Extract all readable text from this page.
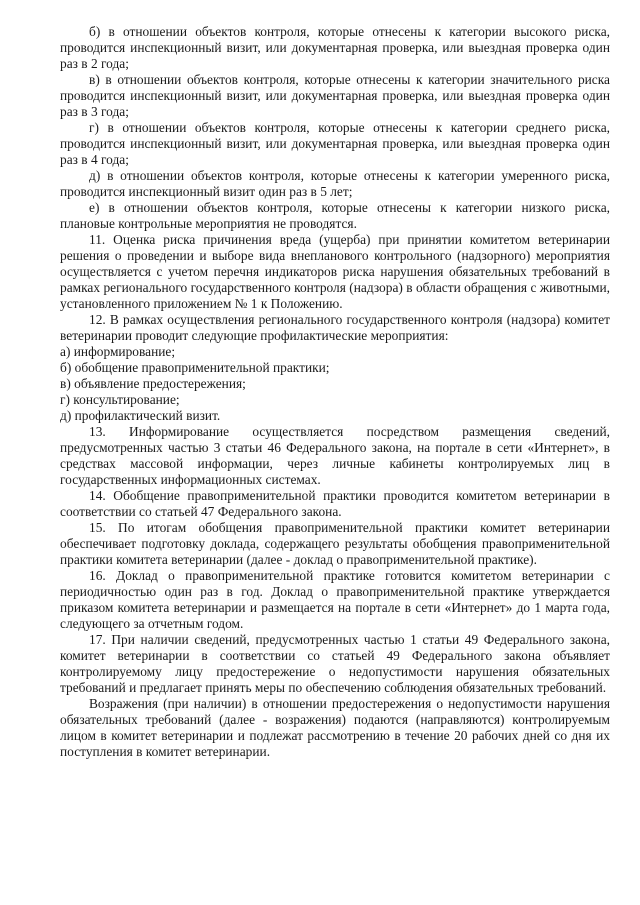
б) в отношении объектов контроля, которые отнесены к категории высокого риска, проводится инспекционный визит, или документарная проверка, или выездная проверка один раз в 2 года;

в) в отношении объектов контроля, которые отнесены к категории значительного риска проводится инспекционный визит, или документарная проверка, или выездная проверка один раз в 3 года;

г) в отношении объектов контроля, которые отнесены к категории среднего риска, проводится инспекционный визит, или документарная проверка, или выездная проверка один раз в 4 года;

д) в отношении объектов контроля, которые отнесены к категории умеренного риска, проводится инспекционный визит один раз в 5 лет;

е) в отношении объектов контроля, которые отнесены к категории низкого риска, плановые контрольные мероприятия не проводятся.

11. Оценка риска причинения вреда (ущерба) при принятии комитетом ветеринарии решения о проведении и выборе вида внепланового контрольного (надзорного) мероприятия осуществляется с учетом перечня индикаторов риска нарушения обязательных требований в рамках регионального государственного контроля (надзора) в области обращения с животными, установленного приложением № 1 к Положению.

12. В рамках осуществления регионального государственного контроля (надзора) комитет ветеринарии проводит следующие профилактические мероприятия:

а) информирование;

б) обобщение правоприменительной практики;

в) объявление предостережения;

г) консультирование;

д) профилактический визит.

13. Информирование осуществляется посредством размещения сведений, предусмотренных частью 3 статьи 46 Федерального закона, на портале в сети «Интернет», в средствах массовой информации, через личные кабинеты контролируемых лиц в государственных информационных системах.

14. Обобщение правоприменительной практики проводится комитетом ветеринарии в соответствии со статьей 47 Федерального закона.

15. По итогам обобщения правоприменительной практики комитет ветеринарии обеспечивает подготовку доклада, содержащего результаты обобщения правоприменительной практики комитета ветеринарии (далее - доклад о правоприменительной практике).

16. Доклад о правоприменительной практике готовится комитетом ветеринарии с периодичностью один раз в год. Доклад о правоприменительной практике утверждается приказом комитета ветеринарии и размещается на портале в сети «Интернет» до 1 марта года, следующего за отчетным годом.

17. При наличии сведений, предусмотренных частью 1 статьи 49 Федерального закона, комитет ветеринарии в соответствии со статьей 49 Федерального закона объявляет контролируемому лицу предостережение о недопустимости нарушения обязательных требований и предлагает принять меры по обеспечению соблюдения обязательных требований.

Возражения (при наличии) в отношении предостережения о недопустимости нарушения обязательных требований (далее - возражения) подаются (направляются) контролируемым лицом в комитет ветеринарии и подлежат рассмотрению в течение 20 рабочих дней со дня их поступления в комитет ветеринарии.
